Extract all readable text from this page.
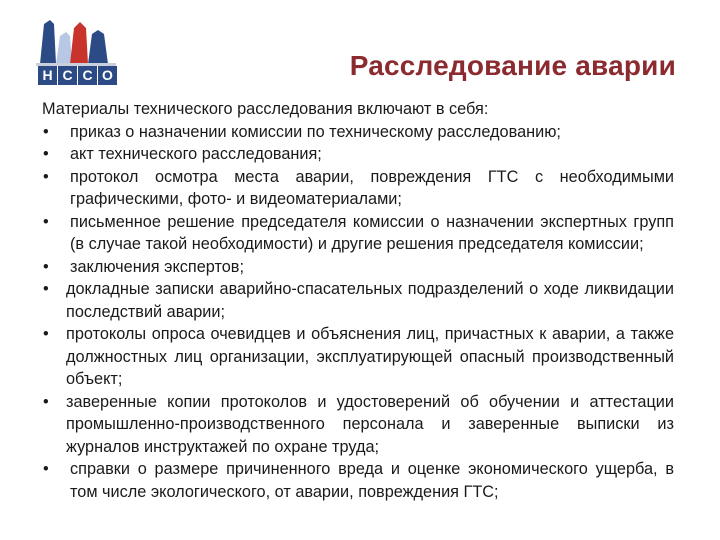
Н С С О	Расследование аварии

Материалы технического расследования включают в себя:

• приказ о назначении комиссии по техническому расследованию;
• акт технического расследования;
• протокол осмотра места аварии, повреждения ГТС с необходимыми графическими, фото- и видеоматериалами;
• письменное решение председателя комиссии о назначении экспертных групп (в случае такой необходимости) и другие решения председателя комиссии;
• заключения экспертов;
• докладные записки аварийно-спасательных подразделений о ходе ликвидации последствий аварии;
• протоколы опроса очевидцев и объяснения лиц, причастных к аварии, а также должностных лиц организации, эксплуатирующей опасный производственный объект;
• заверенные копии протоколов и удостоверений об обучении и аттестации промышленно-производственного персонала и заверенные выписки из журналов инструктажей по охране труда;
• справки о размере причиненного вреда и оценке экономического ущерба, в том числе экологического, от аварии, повреждения ГТС;
